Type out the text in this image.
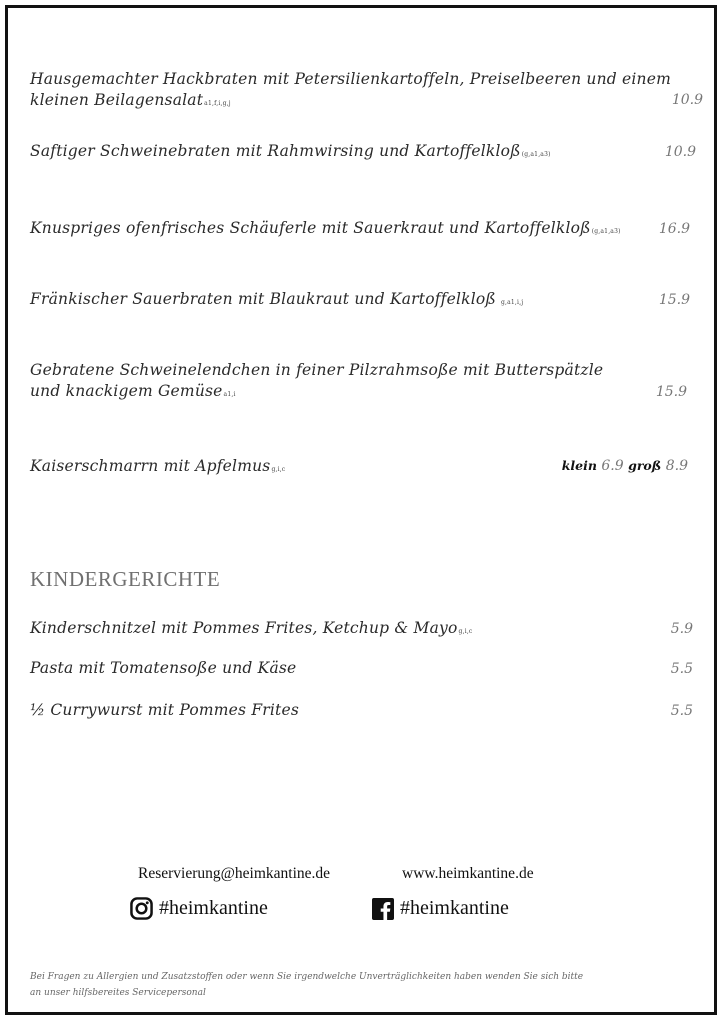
Hausgemachter Hackbraten mit Petersilienkartoffeln, Preiselbeeren und einem
kleinen Beilagensalata1,f,i,g,j	10.9
Saftiger Schweinebraten mit Rahmwirsing und Kartoffelkloß(g,a1,a3)	10.9
Knuspriges ofenfrisches Schäuferle mit Sauerkraut und Kartoffelkloß(g,a1,a3)	16.9
Fränkischer Sauerbraten mit Blaukraut und Kartoffelkloß g,a1,i,j	15.9
Gebratene Schweinelendchen in feiner Pilzrahmsoße mit Butterspätzle
und knackigem Gemüsea1,i	15.9
Kaiserschmarrn mit Apfelmusg,i,c	klein 6.9 groß 8.9
KINDERGERICHTE
Kinderschnitzel mit Pommes Frites, Ketchup & Mayog,i,c	5.9
Pasta mit Tomatensoße und Käse	5.5
½ Currywurst mit Pommes Frites	5.5
Reservierung@heimkantine.de	www.heimkantine.de
#heimkantine	#heimkantine
Bei Fragen zu Allergien und Zusatzstoffen oder wenn Sie irgendwelche Unverträglichkeiten haben wenden Sie sich bitte
an unser hilfsbereites Servicepersonal
